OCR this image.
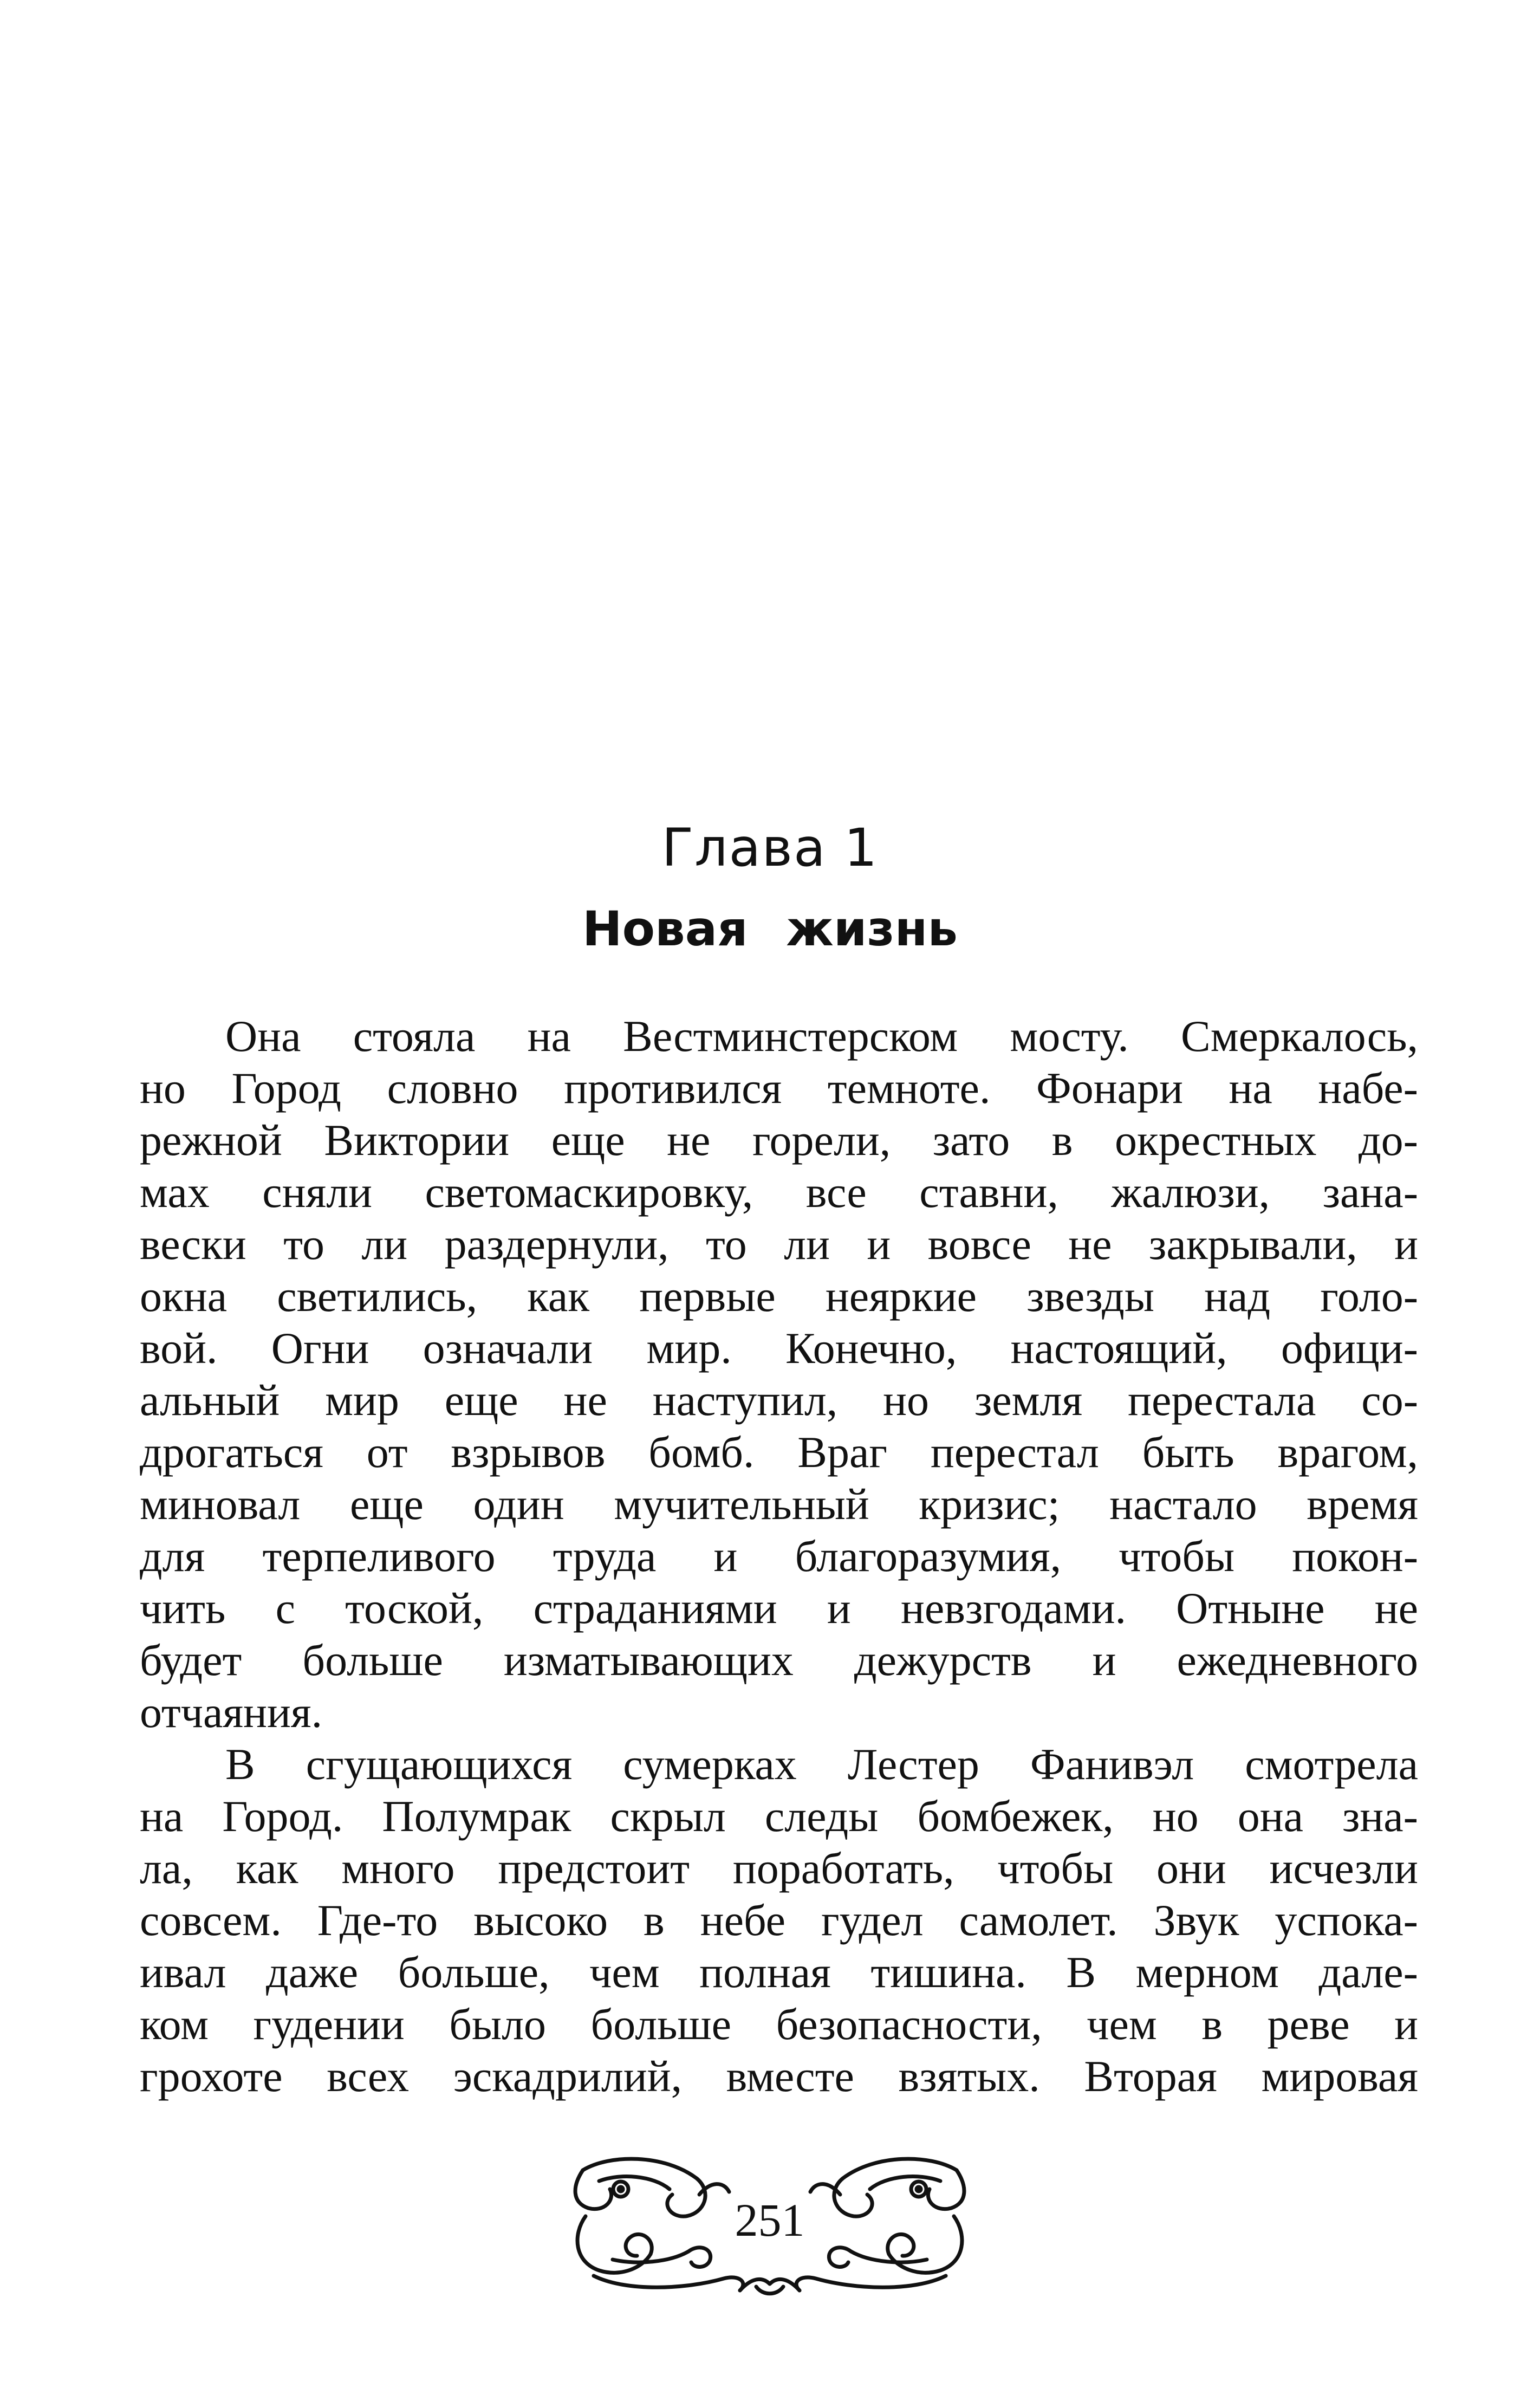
Глава 1
Новая жизнь
Она стояла на Вестминстерском мосту. Смеркалось,
но Город словно противился темноте. Фонари на набе-
режной Виктории еще не горели, зато в окрестных до-
мах сняли светомаскировку, все ставни, жалюзи, зана-
вески то ли раздернули, то ли и вовсе не закрывали, и
окна светились, как первые неяркие звезды над голо-
вой. Огни означали мир. Конечно, настоящий, офици-
альный мир еще не наступил, но земля перестала со-
дрогаться от взрывов бомб. Враг перестал быть врагом,
миновал еще один мучительный кризис; настало время
для терпеливого труда и благоразумия, чтобы покон-
чить с тоской, страданиями и невзгодами. Отныне не
будет больше изматывающих дежурств и ежедневного
отчаяния.
В сгущающихся сумерках Лестер Фанивэл смотрела
на Город. Полумрак скрыл следы бомбежек, но она зна-
ла, как много предстоит поработать, чтобы они исчезли
совсем. Где-то высоко в небе гудел самолет. Звук успока-
ивал даже больше, чем полная тишина. В мерном дале-
ком гудении было больше безопасности, чем в реве и
грохоте всех эскадрилий, вместе взятых. Вторая мировая
251
